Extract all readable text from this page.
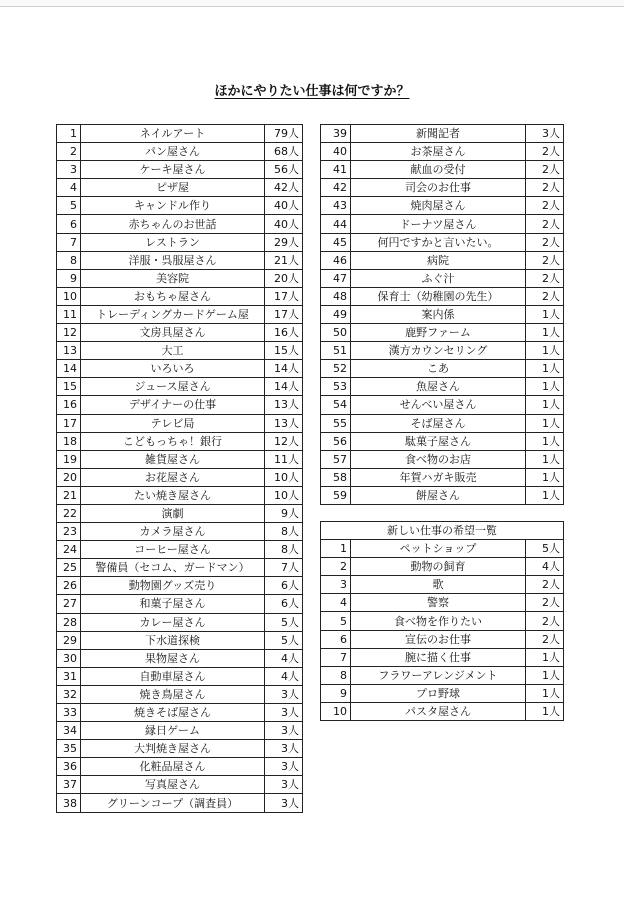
ほかにやりたい仕事は何ですか？
1	ネイルアート	79人
2	パン屋さん	68人
3	ケーキ屋さん	56人
4	ピザ屋	42人
5	キャンドル作り	40人
6	赤ちゃんのお世話	40人
7	レストラン	29人
8	洋服・呉服屋さん	21人
9	美容院	20人
10	おもちゃ屋さん	17人
11	トレーディングカードゲーム屋	17人
12	文房具屋さん	16人
13	大工	15人
14	いろいろ	14人
15	ジュース屋さん	14人
16	デザイナーの仕事	13人
17	テレビ局	13人
18	こどもっちゃ！銀行	12人
19	雑貨屋さん	11人
20	お花屋さん	10人
21	たい焼き屋さん	10人
22	演劇	9人
23	カメラ屋さん	8人
24	コーヒー屋さん	8人
25	警備員（セコム、ガードマン）	7人
26	動物園グッズ売り	6人
27	和菓子屋さん	6人
28	カレー屋さん	5人
29	下水道探検	5人
30	果物屋さん	4人
31	自動車屋さん	4人
32	焼き鳥屋さん	3人
33	焼きそば屋さん	3人
34	縁日ゲーム	3人
35	大判焼き屋さん	3人
36	化粧品屋さん	3人
37	写真屋さん	3人
38	グリーンコープ（調査員）	3人
39	新聞記者	3人
40	お茶屋さん	2人
41	献血の受付	2人
42	司会のお仕事	2人
43	焼肉屋さん	2人
44	ドーナツ屋さん	2人
45	何円ですかと言いたい。	2人
46	病院	2人
47	ふぐ汁	2人
48	保育士（幼稚園の先生）	2人
49	案内係	1人
50	鹿野ファーム	1人
51	漢方カウンセリング	1人
52	こあ	1人
53	魚屋さん	1人
54	せんべい屋さん	1人
55	そば屋さん	1人
56	駄菓子屋さん	1人
57	食べ物のお店	1人
58	年賀ハガキ販売	1人
59	餅屋さん	1人
新しい仕事の希望一覧		
1	ペットショップ	5人
2	動物の飼育	4人
3	歌	2人
4	警察	2人
5	食べ物を作りたい	2人
6	宣伝のお仕事	2人
7	腕に描く仕事	1人
8	フラワーアレンジメント	1人
9	プロ野球	1人
10	パスタ屋さん	1人
